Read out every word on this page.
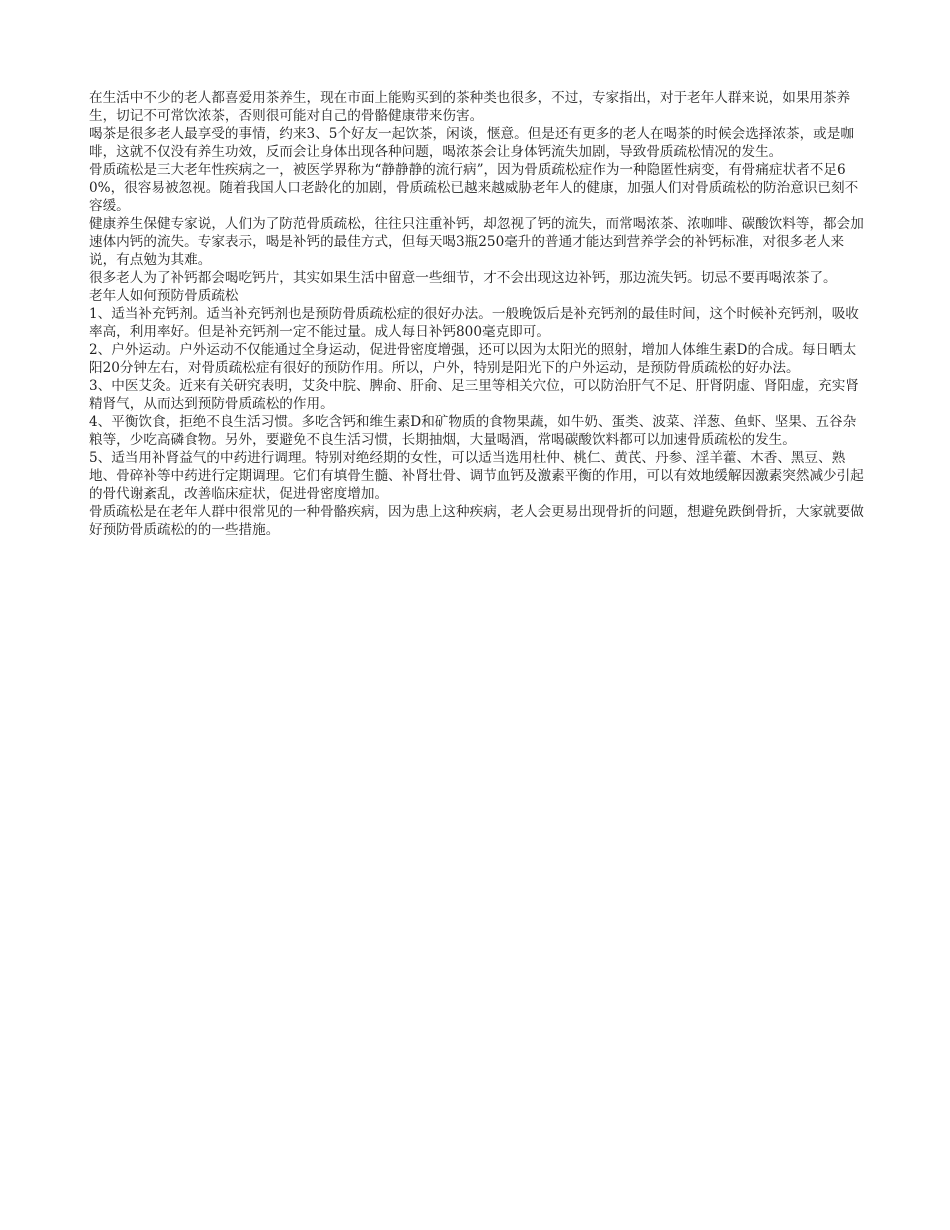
在生活中不少的老人都喜爱用茶养生，现在市面上能购买到的茶种类也很多，不过，专家指出，对于老年人群来说，如果用茶养生，切记不可常饮浓茶，否则很可能对自己的骨骼健康带来伤害。

喝茶是很多老人最享受的事情，约来3、5个好友一起饮茶，闲谈，惬意。但是还有更多的老人在喝茶的时候会选择浓茶，或是咖啡，这就不仅没有养生功效，反而会让身体出现各种问题，喝浓茶会让身体钙流失加剧，导致骨质疏松情况的发生。

骨质疏松是三大老年性疾病之一，被医学界称为“静静静的流行病”，因为骨质疏松症作为一种隐匿性病变，有骨痛症状者不足60%，很容易被忽视。随着我国人口老龄化的加剧，骨质疏松已越来越威胁老年人的健康，加强人们对骨质疏松的防治意识已刻不容缓。

健康养生保健专家说，人们为了防范骨质疏松，往往只注重补钙，却忽视了钙的流失，而常喝浓茶、浓咖啡、碳酸饮料等，都会加速体内钙的流失。专家表示，喝是补钙的最佳方式，但每天喝3瓶250毫升的普通才能达到营养学会的补钙标准，对很多老人来说，有点勉为其难。

很多老人为了补钙都会喝吃钙片，其实如果生活中留意一些细节，才不会出现这边补钙，那边流失钙。切忌不要再喝浓茶了。

老年人如何预防骨质疏松

1、适当补充钙剂。适当补充钙剂也是预防骨质疏松症的很好办法。一般晚饭后是补充钙剂的最佳时间，这个时候补充钙剂，吸收率高，利用率好。但是补充钙剂一定不能过量。成人每日补钙800毫克即可。

2、户外运动。户外运动不仅能通过全身运动，促进骨密度增强，还可以因为太阳光的照射，增加人体维生素D的合成。每日晒太阳20分钟左右，对骨质疏松症有很好的预防作用。所以，户外，特别是阳光下的户外运动，是预防骨质疏松的好办法。

3、中医艾灸。近来有关研究表明，艾灸中脘、脾俞、肝俞、足三里等相关穴位，可以防治肝气不足、肝肾阴虚、肾阳虚，充实肾精肾气，从而达到预防骨质疏松的作用。

4、平衡饮食，拒绝不良生活习惯。多吃含钙和维生素D和矿物质的食物果蔬，如牛奶、蛋类、波菜、洋葱、鱼虾、坚果、五谷杂粮等，少吃高磷食物。另外，要避免不良生活习惯，长期抽烟，大量喝酒，常喝碳酸饮料都可以加速骨质疏松的发生。

5、适当用补肾益气的中药进行调理。特别对绝经期的女性，可以适当选用杜仲、桃仁、黄芪、丹参、淫羊藿、木香、黑豆、熟地、骨碎补等中药进行定期调理。它们有填骨生髓、补肾壮骨、调节血钙及激素平衡的作用，可以有效地缓解因激素突然减少引起的骨代谢紊乱，改善临床症状，促进骨密度增加。

骨质疏松是在老年人群中很常见的一种骨骼疾病，因为患上这种疾病，老人会更易出现骨折的问题，想避免跌倒骨折，大家就要做好预防骨质疏松的的一些措施。
